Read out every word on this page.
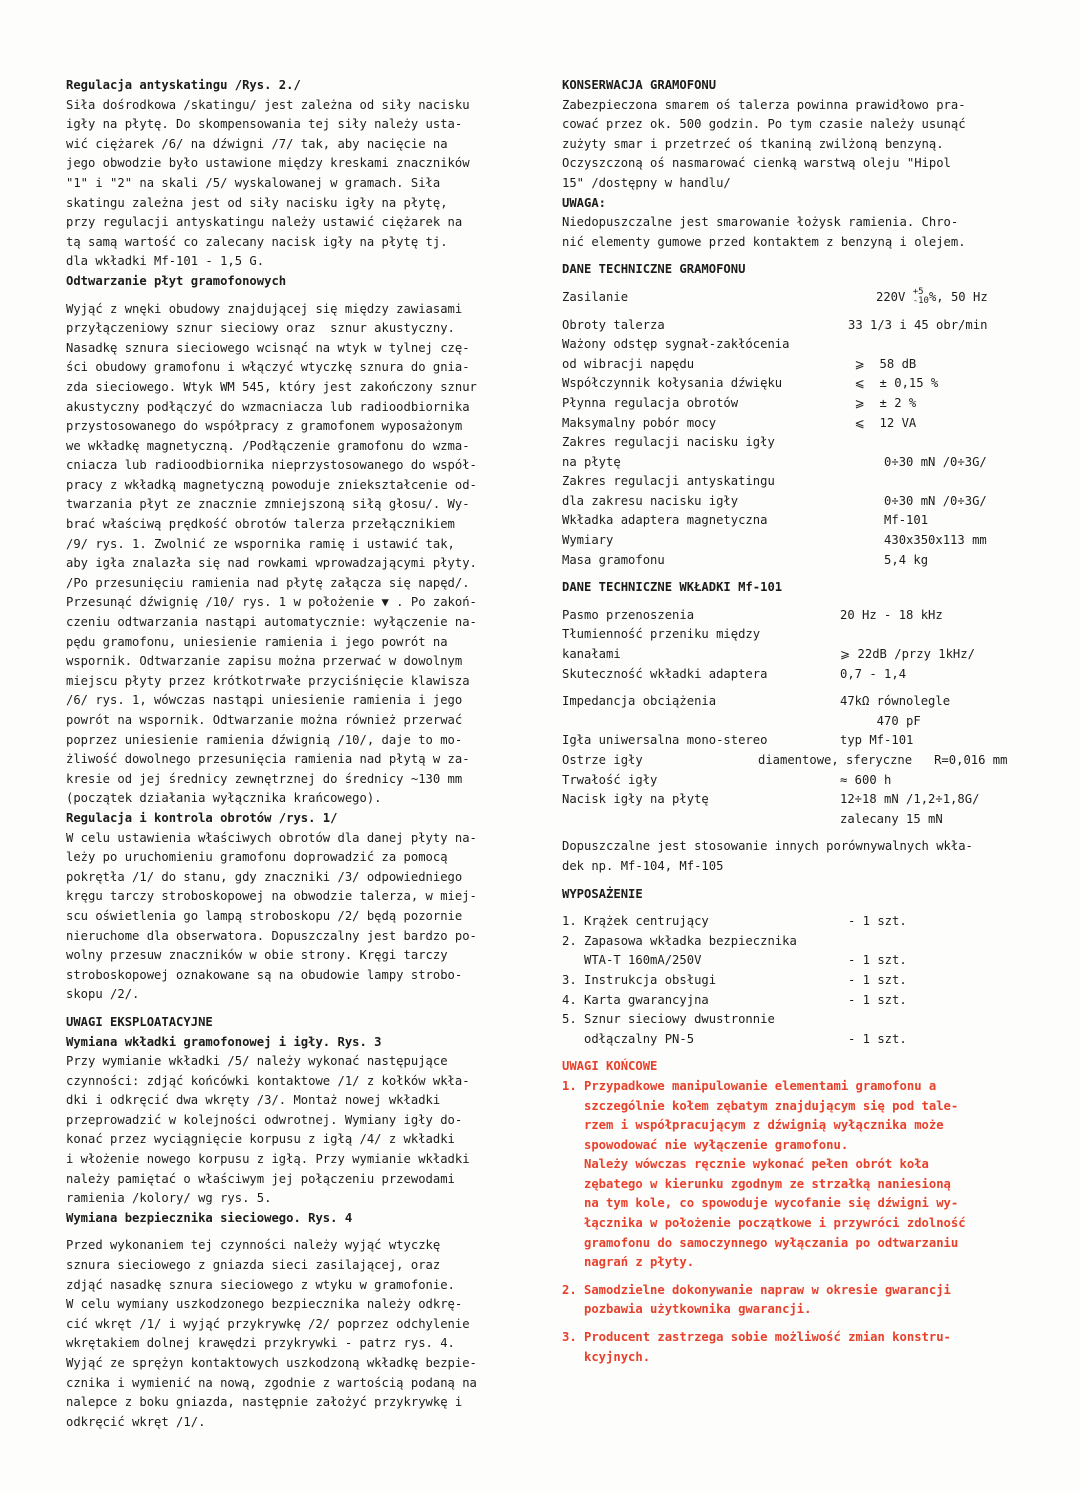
Regulacja antyskatingu /Rys. 2./
Siła dośrodkowa /skatingu/ jest zależna od siły nacisku
igły na płytę. Do skompensowania tej siły należy usta-
wić ciężarek /6/ na dźwigni /7/ tak, aby nacięcie na
jego obwodzie było ustawione między kreskami znaczników
"1" i "2" na skali /5/ wyskalowanej w gramach. Siła
skatingu zależna jest od siły nacisku igły na płytę,
przy regulacji antyskatingu należy ustawić ciężarek na
tą samą wartość co zalecany nacisk igły na płytę tj.
dla wkładki Mf-101 - 1,5 G.
Odtwarzanie płyt gramofonowych
Wyjąć z wnęki obudowy znajdującej się między zawiasami
przyłączeniowy sznur sieciowy oraz  sznur akustyczny.
Nasadkę sznura sieciowego wcisnąć na wtyk w tylnej czę-
ści obudowy gramofonu i włączyć wtyczkę sznura do gnia-
zda sieciowego. Wtyk WM 545, który jest zakończony sznur
akustyczny podłączyć do wzmacniacza lub radioodbiornika
przystosowanego do współpracy z gramofonem wyposażonym
we wkładkę magnetyczną. /Podłączenie gramofonu do wzma-
cniacza lub radioodbiornika nieprzystosowanego do współ-
pracy z wkładką magnetyczną powoduje zniekształcenie od-
twarzania płyt ze znacznie zmniejszoną siłą głosu/. Wy-
brać właściwą prędkość obrotów talerza przełącznikiem
/9/ rys. 1. Zwolnić ze wspornika ramię i ustawić tak,
aby igła znalazła się nad rowkami wprowadzającymi płyty.
/Po przesunięciu ramienia nad płytę załącza się napęd/.
Przesunąć dźwignię /10/ rys. 1 w położenie ▼ . Po zakoń-
czeniu odtwarzania nastąpi automatycznie: wyłączenie na-
pędu gramofonu, uniesienie ramienia i jego powrót na
wspornik. Odtwarzanie zapisu można przerwać w dowolnym
miejscu płyty przez krótkotrwałe przyciśnięcie klawisza
/6/ rys. 1, wówczas nastąpi uniesienie ramienia i jego
powrót na wspornik. Odtwarzanie można również przerwać
poprzez uniesienie ramienia dźwignią /10/, daje to mo-
żliwość dowolnego przesunięcia ramienia nad płytą w za-
kresie od jej średnicy zewnętrznej do średnicy ~130 mm
(początek działania wyłącznika krańcowego).
Regulacja i kontrola obrotów /rys. 1/
W celu ustawienia właściwych obrotów dla danej płyty na-
leży po uruchomieniu gramofonu doprowadzić za pomocą
pokrętła /1/ do stanu, gdy znaczniki /3/ odpowiedniego
kręgu tarczy stroboskopowej na obwodzie talerza, w miej-
scu oświetlenia go lampą stroboskopu /2/ będą pozornie
nieruchome dla obserwatora. Dopuszczalny jest bardzo po-
wolny przesuw znaczników w obie strony. Kręgi tarczy
stroboskopowej oznakowane są na obudowie lampy strobo-
skopu /2/.
UWAGI EKSPLOATACYJNE
Wymiana wkładki gramofonowej i igły. Rys. 3
Przy wymianie wkładki /5/ należy wykonać następujące
czynności: zdjąć końcówki kontaktowe /1/ z kołków wkła-
dki i odkręcić dwa wkręty /3/. Montaż nowej wkładki
przeprowadzić w kolejności odwrotnej. Wymiany igły do-
konać przez wyciągnięcie korpusu z igłą /4/ z wkładki
i włożenie nowego korpusu z igłą. Przy wymianie wkładki
należy pamiętać o właściwym jej połączeniu przewodami
ramienia /kolory/ wg rys. 5.
Wymiana bezpiecznika sieciowego. Rys. 4
Przed wykonaniem tej czynności należy wyjąć wtyczkę
sznura sieciowego z gniazda sieci zasilającej, oraz
zdjąć nasadkę sznura sieciowego z wtyku w gramofonie.
W celu wymiany uszkodzonego bezpiecznika należy odkrę-
cić wkręt /1/ i wyjąć przykrywkę /2/ poprzez odchylenie
wkrętakiem dolnej krawędzi przykrywki - patrz rys. 4.
Wyjąć ze sprężyn kontaktowych uszkodzoną wkładkę bezpie-
cznika i wymienić na nową, zgodnie z wartością podaną na
nalepce z boku gniazda, następnie założyć przykrywkę i
odkręcić wkręt /1/.
KONSERWACJA GRAMOFONU
Zabezpieczona smarem oś talerza powinna prawidłowo pra-
cować przez ok. 500 godzin. Po tym czasie należy usunąć
zużyty smar i przetrzeć oś tkaniną zwilżoną benzyną.
Oczyszczoną oś nasmarować cienką warstwą oleju "Hipol
15" /dostępny w handlu/
UWAGA:
Niedopuszczalne jest smarowanie łożysk ramienia. Chro-
nić elementy gumowe przed kontaktem z benzyną i olejem.
DANE TECHNICZNE GRAMOFONU
Zasilanie	220V +5
-10 %, 50 Hz
Obroty talerza	33 1/3 i 45 obr/min
Ważony odstęp sygnał-zakłócenia
od wibracji napędu	⩾  58 dB
Współczynnik kołysania dźwięku	⩽  ± 0,15 %
Płynna regulacja obrotów	⩾  ± 2 %
Maksymalny pobór mocy	⩽  12 VA
Zakres regulacji nacisku igły
na płytę	0÷30 mN /0÷3G/
Zakres regulacji antyskatingu
dla zakresu nacisku igły	0÷30 mN /0÷3G/
Wkładka adaptera magnetyczna	Mf-101
Wymiary	430x350x113 mm
Masa gramofonu	5,4 kg
DANE TECHNICZNE WKŁADKI Mf-101
Pasmo przenoszenia	20 Hz - 18 kHz
Tłumienność przeniku między
kanałami	⩾ 22dB /przy 1kHz/
Skuteczność wkładki adaptera	0,7 - 1,4
Impedancja obciążenia	47kΩ równolegle
470 pF
Igła uniwersalna mono-stereo	typ Mf-101
Ostrze igły	diamentowe, sferyczne   R=0,016 mm
Trwałość igły	≈ 600 h
Nacisk igły na płytę	12÷18 mN /1,2÷1,8G/
zalecany 15 mN
Dopuszczalne jest stosowanie innych porównywalnych wkła-
dek np. Mf-104, Mf-105
WYPOSAŻENIE
1. Krążek centrujący	- 1 szt.
2. Zapasowa wkładka bezpiecznika
WTA-T 160mA/250V	- 1 szt.
3. Instrukcja obsługi	- 1 szt.
4. Karta gwarancyjna	- 1 szt.
5. Sznur sieciowy dwustronnie
odłączalny PN-5	- 1 szt.
UWAGI KOŃCOWE
1. Przypadkowe manipulowanie elementami gramofonu a
szczególnie kołem zębatym znajdującym się pod tale-
rzem i współpracującym z dźwignią wyłącznika może
spowodować nie wyłączenie gramofonu.
Należy wówczas ręcznie wykonać pełen obrót koła
zębatego w kierunku zgodnym ze strzałką naniesioną
na tym kole, co spowoduje wycofanie się dźwigni wy-
łącznika w położenie początkowe i przywróci zdolność
gramofonu do samoczynnego wyłączania po odtwarzaniu
nagrań z płyty.
2. Samodzielne dokonywanie napraw w okresie gwarancji
pozbawia użytkownika gwarancji.
3. Producent zastrzega sobie możliwość zmian konstru-
kcyjnych.
